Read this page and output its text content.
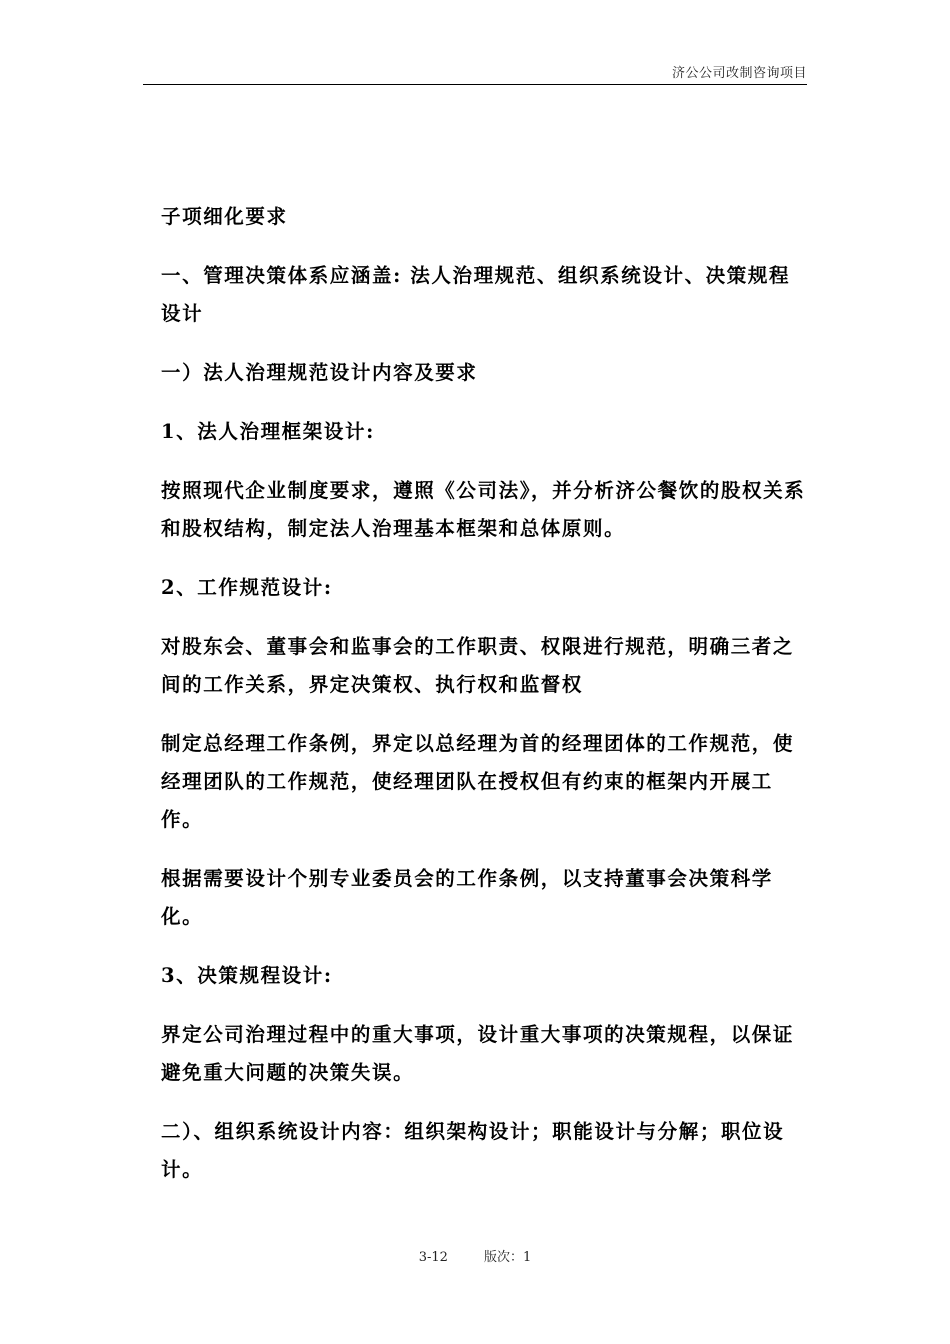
济公公司改制咨询项目

子项细化要求

一、管理决策体系应涵盖: 法人治理规范、组织系统设计、决策规程设计

一）法人治理规范设计内容及要求

1、法人治理框架设计:

按照现代企业制度要求，遵照《公司法》，并分析济公餐饮的股权关系和股权结构，制定法人治理基本框架和总体原则。

2、工作规范设计:

对股东会、董事会和监事会的工作职责、权限进行规范，明确三者之间的工作关系，界定决策权、执行权和监督权

制定总经理工作条例，界定以总经理为首的经理团体的工作规范，使经理团队的工作规范，使经理团队在授权但有约束的框架内开展工作。

根据需要设计个别专业委员会的工作条例，以支持董事会决策科学化。

3、决策规程设计:

界定公司治理过程中的重大事项，设计重大事项的决策规程，以保证避免重大问题的决策失误。

二）、组织系统设计内容：组织架构设计；职能设计与分解；职位设计。

3-12	版次：1
